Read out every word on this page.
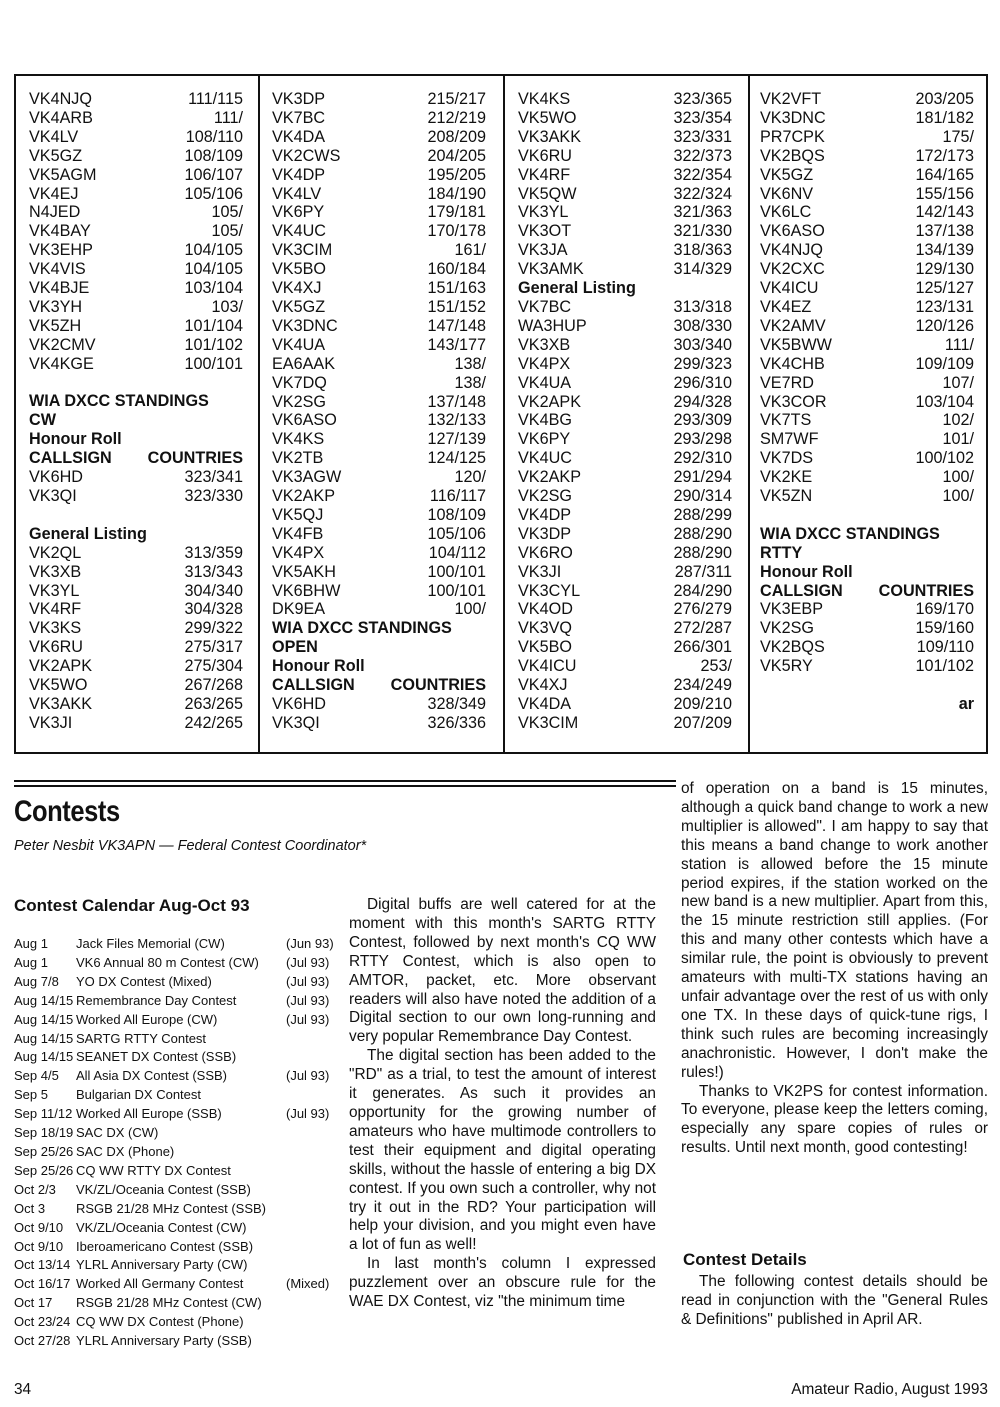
VK4NJQ	111/115
VK4ARB	111/
VK4LV	108/110
VK5GZ	108/109
VK5AGM	106/107
VK4EJ	105/106
N4JED	105/
VK4BAY	105/
VK3EHP	104/105
VK4VIS	104/105
VK4BJE	103/104
VK3YH	103/
VK5ZH	101/104
VK2CMV	101/102
VK4KGE	100/101
WIA DXCC STANDINGS
CW
Honour Roll
CALLSIGN COUNTRIES
VK6HD	323/341
VK3QI	323/330
General Listing
VK2QL	313/359
VK3XB	313/343
VK3YL	304/340
VK4RF	304/328
VK3KS	299/322
VK6RU	275/317
VK2APK	275/304
VK5WO	267/268
VK3AKK	263/265
VK3JI	242/265
VK3DP	215/217
VK7BC	212/219
VK4DA	208/209
VK2CWS	204/205
VK4DP	195/205
VK4LV	184/190
VK6PY	179/181
VK4UC	170/178
VK3CIM	161/
VK5BO	160/184
VK4XJ	151/163
VK5GZ	151/152
VK3DNC	147/148
VK4UA	143/177
EA6AAK	138/
VK7DQ	138/
VK2SG	137/148
VK6ASO	132/133
VK4KS	127/139
VK2TB	124/125
VK3AGW	120/
VK2AKP	116/117
VK5QJ	108/109
VK4FB	105/106
VK4PX	104/112
VK5AKH	100/101
VK6BHW	100/101
DK9EA	100/
WIA DXCC STANDINGS
OPEN
Honour Roll
CALLSIGN COUNTRIES
VK6HD	328/349
VK3QI	326/336
VK4KS	323/365
VK5WO	323/354
VK3AKK	323/331
VK6RU	322/373
VK4RF	322/354
VK5QW	322/324
VK3YL	321/363
VK3OT	321/330
VK3JA	318/363
VK3AMK	314/329
General Listing
VK7BC	313/318
WA3HUP	308/330
VK3XB	303/340
VK4PX	299/323
VK4UA	296/310
VK2APK	294/328
VK4BG	293/309
VK6PY	293/298
VK4UC	292/310
VK2AKP	291/294
VK2SG	290/314
VK4DP	288/299
VK3DP	288/290
VK6RO	288/290
VK3JI	287/311
VK3CYL	284/290
VK4OD	276/279
VK3VQ	272/287
VK5BO	266/301
VK4ICU	253/
VK4XJ	234/249
VK4DA	209/210
VK3CIM	207/209
VK2VFT	203/205
VK3DNC	181/182
PR7CPK	175/
VK2BQS	172/173
VK5GZ	164/165
VK6NV	155/156
VK6LC	142/143
VK6ASO	137/138
VK4NJQ	134/139
VK2CXC	129/130
VK4ICU	125/127
VK4EZ	123/131
VK2AMV	120/126
VK5BWW	111/
VK4CHB	109/109
VE7RD	107/
VK3COR	103/104
VK7TS	102/
SM7WF	101/
VK7DS	100/102
VK2KE	100/
VK5ZN	100/
WIA DXCC STANDINGS
RTTY
Honour Roll
CALLSIGN COUNTRIES
VK3EBP	169/170
VK2SG	159/160
VK2BQS	109/110
VK5RY	101/102
ar
Contests
Peter Nesbit VK3APN — Federal Contest Coordinator*
Contest Calendar Aug-Oct 93
Aug 1	Jack Files Memorial (CW)	(Jun 93)
Aug 1	VK6 Annual 80 m Contest (CW)	(Jul 93)
Aug 7/8	YO DX Contest (Mixed)	(Jul 93)
Aug 14/15 Remembrance Day Contest	(Jul 93)
Aug 14/15 Worked All Europe (CW)	(Jul 93)
Aug 14/15 SARTG RTTY Contest
Aug 14/15 SEANET DX Contest (SSB)
Sep 4/5	All Asia DX Contest (SSB)	(Jul 93)
Sep 5	Bulgarian DX Contest
Sep 11/12 Worked All Europe (SSB)	(Jul 93)
Sep 18/19 SAC DX (CW)
Sep 25/26 SAC DX (Phone)
Sep 25/26 CQ WW RTTY DX Contest
Oct 2/3	VK/ZL/Oceania Contest (SSB)
Oct 3	RSGB 21/28 MHz Contest (SSB)
Oct 9/10 VK/ZL/Oceania Contest (CW)
Oct 9/10 Iberoamericano Contest (SSB)
Oct 13/14 YLRL Anniversary Party (CW)
Oct 16/17 Worked All Germany Contest	(Mixed)
Oct 17	RSGB 21/28 MHz Contest (CW)
Oct 23/24 CQ WW DX Contest (Phone)
Oct 27/28 YLRL Anniversary Party (SSB)

Digital buffs are well catered for at the moment with this month's SARTG RTTY Contest, followed by next month's CQ WW RTTY Contest, which is also open to AMTOR, packet, etc. More observant readers will also have noted the addition of a Digital section to our own long-running and very popular Remembrance Day Contest.

The digital section has been added to the "RD" as a trial, to test the amount of interest it generates. As such it provides an opportunity for the growing number of amateurs who have multimode controllers to test their equipment and digital operating skills, without the hassle of entering a big DX contest. If you own such a controller, why not try it out in the RD? Your participation will help your division, and you might even have a lot of fun as well!

In last month's column I expressed puzzlement over an obscure rule for the WAE DX Contest, viz "the minimum time

of operation on a band is 15 minutes, although a quick band change to work a new multiplier is allowed". I am happy to say that this means a band change to work another station is allowed before the 15 minute period expires, if the station worked on the new band is a new multiplier. Apart from this, the 15 minute restriction still applies. (For this and many other contests which have a similar rule, the point is obviously to prevent amateurs with multi-TX stations having an unfair advantage over the rest of us with only one TX. In these days of quick-tune rigs, I think such rules are becoming increasingly anachronistic. However, I don't make the rules!)

Thanks to VK2PS for contest information. To everyone, please keep the letters coming, especially any spare copies of rules or results. Until next month, good contesting!

Contest Details

The following contest details should be read in conjunction with the "General Rules & Definitions" published in April AR.

34	Amateur Radio, August 1993
